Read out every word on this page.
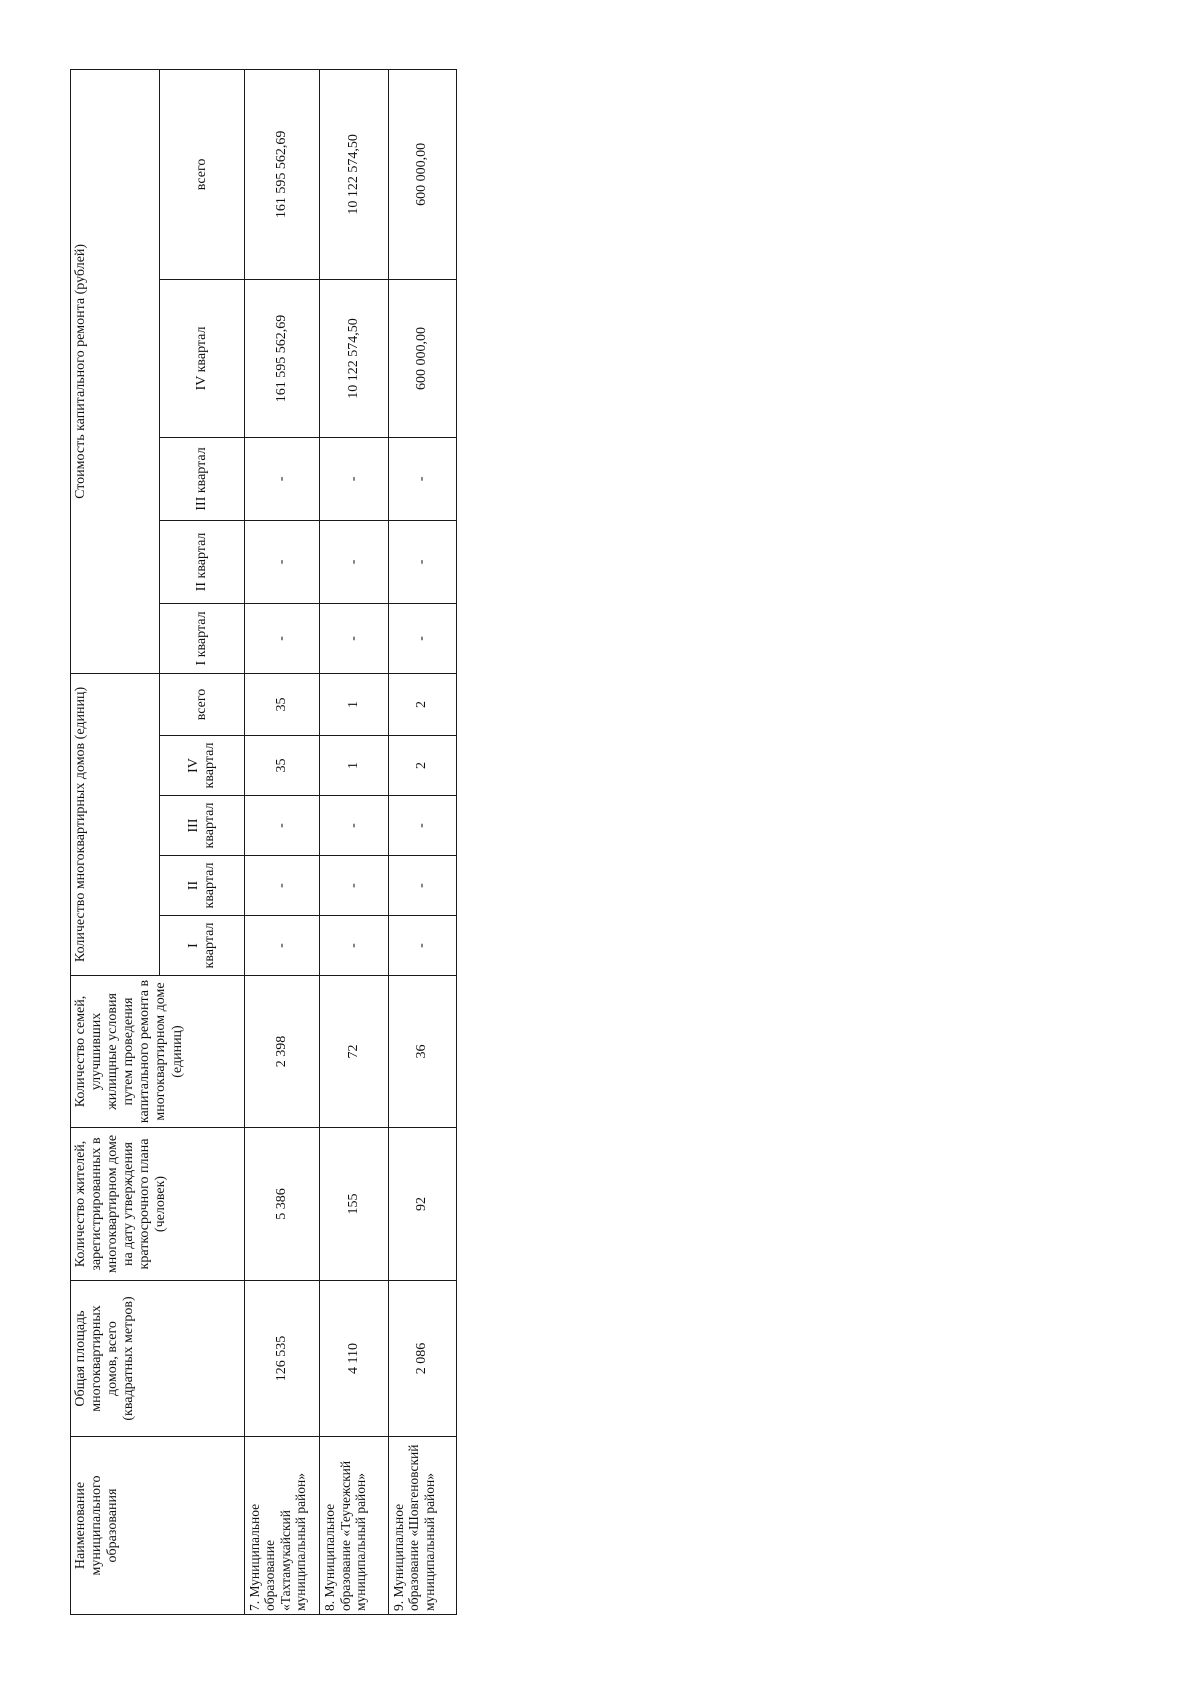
Наименование муниципального образования	Общая площадь многоквартирных домов, всего (квадратных метров)	Количество жителей, зарегистрированных в многоквартирном доме на дату утверждения краткосрочного плана (человек)	Количество семей, улучшивших жилищные условия путем проведения капитального ремонта в многоквартирном доме (единиц)	Количество многоквартирных домов (единиц)					Стоимость капитального ремонта (рублей)				
				I квартал	II квартал	III квартал	IV квартал	всего	I квартал	II квартал	III квартал	IV квартал	всего
7. Муниципальное образование «Тахтамукайский муниципальный район»	126 535	5 386	2 398	-	-	-	35	35	-	-	-	161 595 562,69	161 595 562,69
8. Муниципальное образование «Теучежский муниципальный район»	4 110	155	72	-	-	-	1	1	-	-	-	10 122 574,50	10 122 574,50
9. Муниципальное образование «Шовгеновский муниципальный район»	2 086	92	36	-	-	-	2	2	-	-	-	600 000,00	600 000,00
